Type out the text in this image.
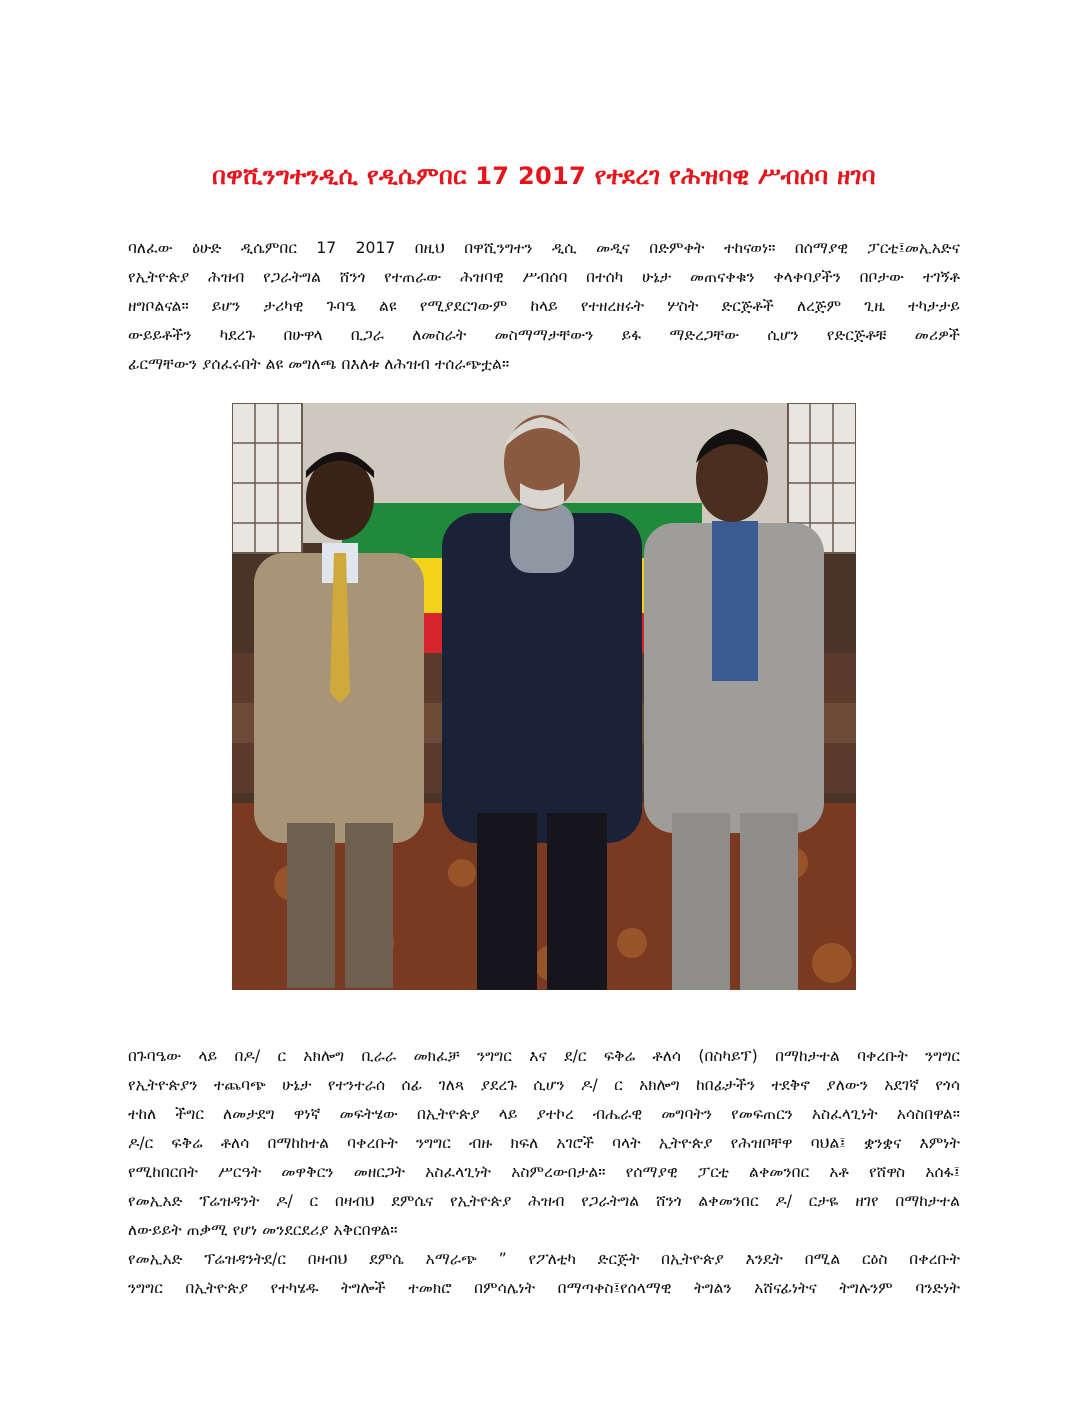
በዋሺንግተንዲሲ የዲሴምበር 17 2017 የተደረገ የሕዝባዊ ሥብሰባ ዘገባ
ባለፈው ዕሁድ ዲሴምበር 17 2017 በዚህ በዋሺንግተን ዲሲ መዲና በድምቀት ተከናወነ። በሰማያዊ ፓርቲ፤መኢአድና
የኢትዮጵያ ሕዝብ የጋራትግል ሸንጎ የተጠራው ሕዝባዊ ሥብሰባ በተሰካ ሁኔታ መጠናቀቁን ቀላቀባያችን በቦታው ተገኝቶ
ዘግቦልናል። ይሆን ታሪካዊ ጉባዔ ልዩ የሚያደርገውም ከላይ የተዘረዘሩት ሦስት ድርጅቶች ለረጅም ጊዜ ተካታታይ
ውይይቶችን ካደረጉ በሁዋላ ቢጋራ ለመስራት መስማማታቸውን ይፋ ማድረጋቸው ሲሆን የድርጅቶቹ መሪዎች
ፊርማቸውን ያሰፈሩበት ልዩ መግለጫ በእለቱ ለሕዝብ ተሰራጭቷል።
በጉባዔው ላይ በዶ/ ር አክሎግ ቢራራ መክፈቻ ንግግር እና ደ/ር ፍቅሬ ቶለሳ (በስካይፕ) በማከታተል ባቀረቡት ንግግር
የኢትዮጵያን ተጨባጭ ሁኔታ የተንተራሰ ሰፊ ገለጻ ያደረጉ ሲሆን ዶ/ ር አክሎግ ከበፊታችን ተደቅኖ ያለውን አደገኛ የጎሳ
ተከለ ችግር ለመታደግ ዋነኛ መፍትሄው በኢትዮጵያ ላይ ያተኮረ ብሔራዊ መግባትን የመፍጠርን አስፈላጊነት አሳስበዋል።
ዶ/ር ፍቅሬ ቶለሳ በማከከተል ባቀረቡት ንግግር ብዙ ክፍለ አገሮች ባላት ኢትዮጵያ የሕዝቦቸዋ ባህል፤ ቋንቋና እምነት
የሚከበርበት ሥርዓት መዋቅርን መዘርጋት አስፈላጊነት አስምረውበታል። የሰማያዊ ፓርቲ ልቀመንበር አቶ የሸዋስ አሰፋ፤
የመኢአድ ፕሬዝዳንት ዶ/ ር በዛብህ ደምሴና የኢትዮጵያ ሕዝብ የጋራትግል ሸንጎ ልቀመንበር ዶ/ ርታዬ ዘገየ በማከታተል
ለውይይት ጠቃሚ የሆነ መንደርደሪያ አቅርበዋል።
የመኢአድ ፕሬዝዳንትደ/ር በዛብህ ደምሴ አማራጭ ” የፖለቲካ ድርጅት በኢትዮጵያ እንዴት በሚል ርዕስ በቀረቡት
ንግግር በኢትዮጵያ የተካሄዱ ትግሎች ተመክሮ በምሳሌነት በማጣቀስ፤የሰላማዊ ትግልን አሸናፊነትና ትግሉንም ባንድነት
